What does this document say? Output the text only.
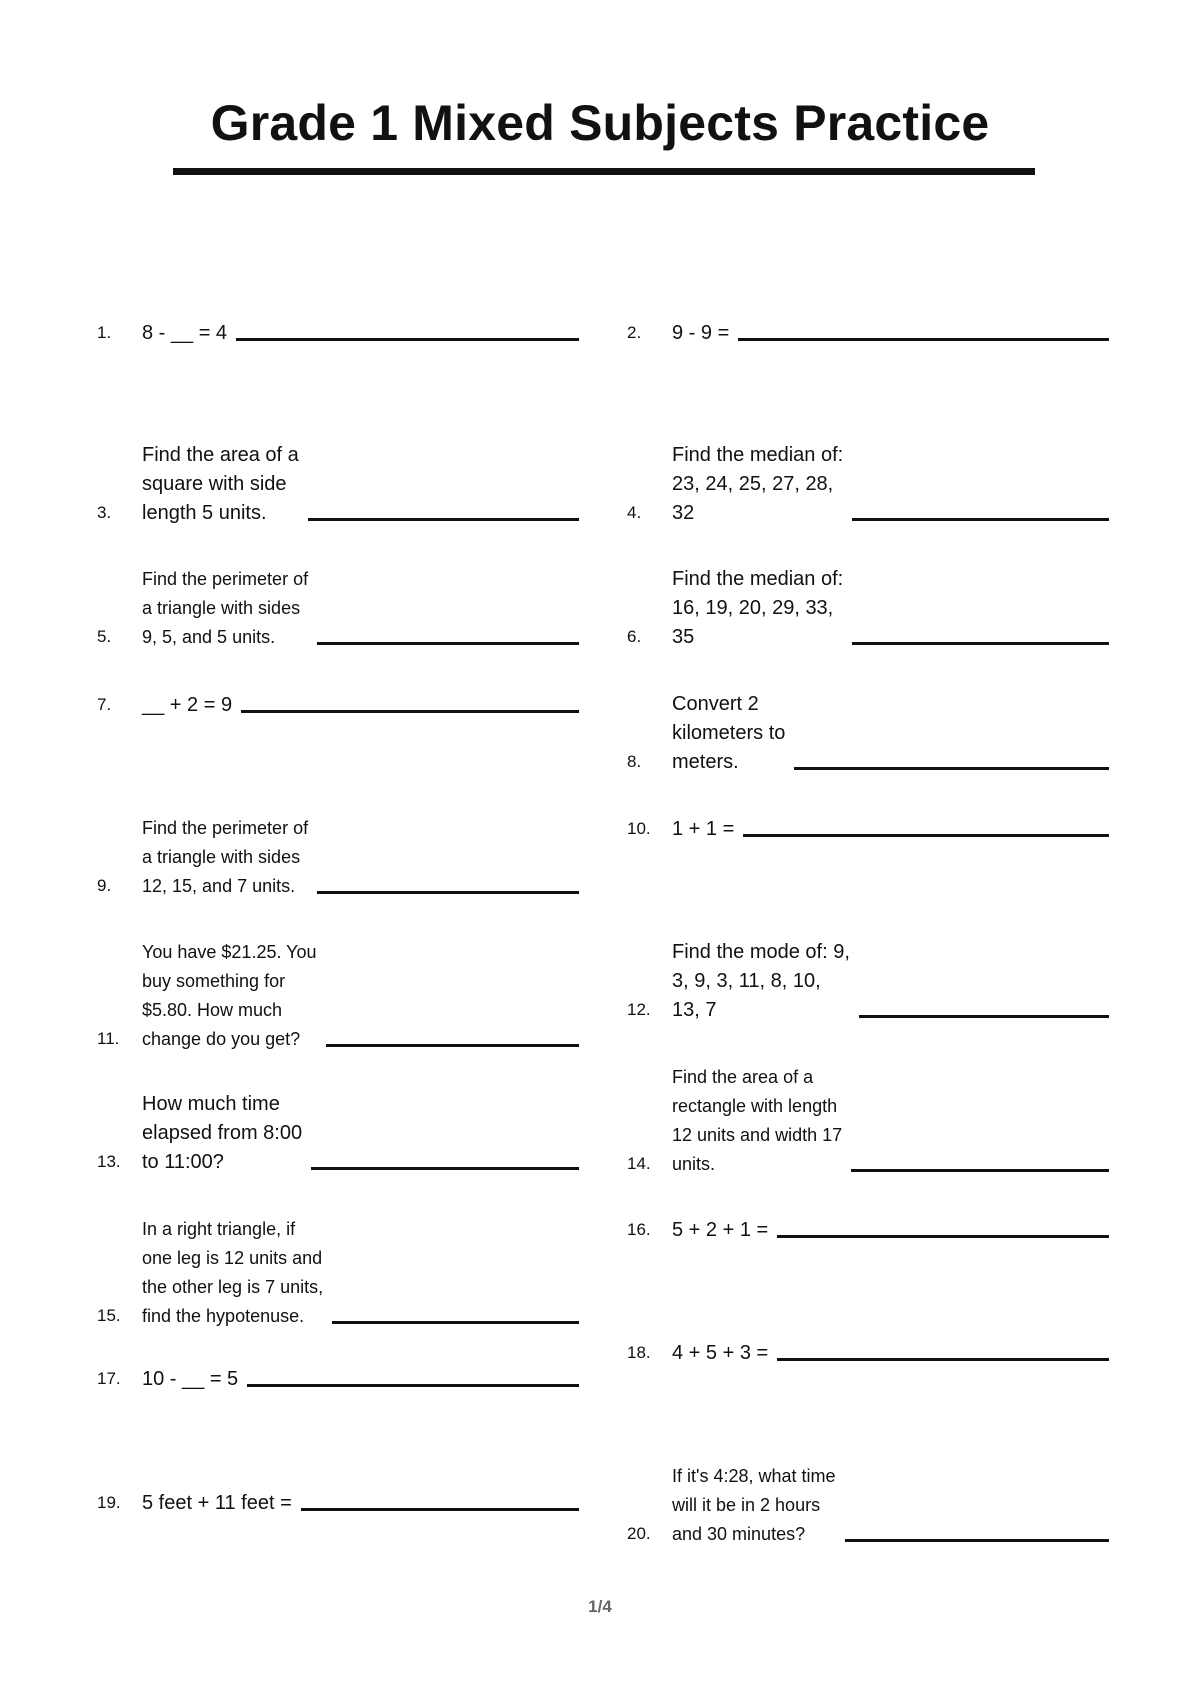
Grade 1 Mixed Subjects Practice
1.	8 - __ = 4	2.	9 - 9 =
3.
Find the area of a
square with side
length 5 units.	4.
Find the median of:
23, 24, 25, 27, 28,
32
5.
Find the perimeter of
a triangle with sides
9, 5, and 5 units.	6.
Find the median of:
16, 19, 20, 29, 33,
35
7.	__ + 2 = 9
8.
Convert 2
kilometers to
meters.
9.
Find the perimeter of
a triangle with sides
12, 15, and 7 units.
10.	1 + 1 =
11.
You have $21.25. You
buy something for
$5.80. How much
change do you get?
12.
Find the mode of: 9,
3, 9, 3, 11, 8, 10,
13, 7
13.
How much time
elapsed from 8:00
to 11:00?	14.
Find the area of a
rectangle with length
12 units and width 17
units.
15.
In a right triangle, if
one leg is 12 units and
the other leg is 7 units,
find the hypotenuse.
16.	5 + 2 + 1 =
17.	10 - __ = 5
18.	4 + 5 + 3 =
19.	5 feet + 11 feet =
20.
If it's 4:28, what time
will it be in 2 hours
and 30 minutes?
1/4
